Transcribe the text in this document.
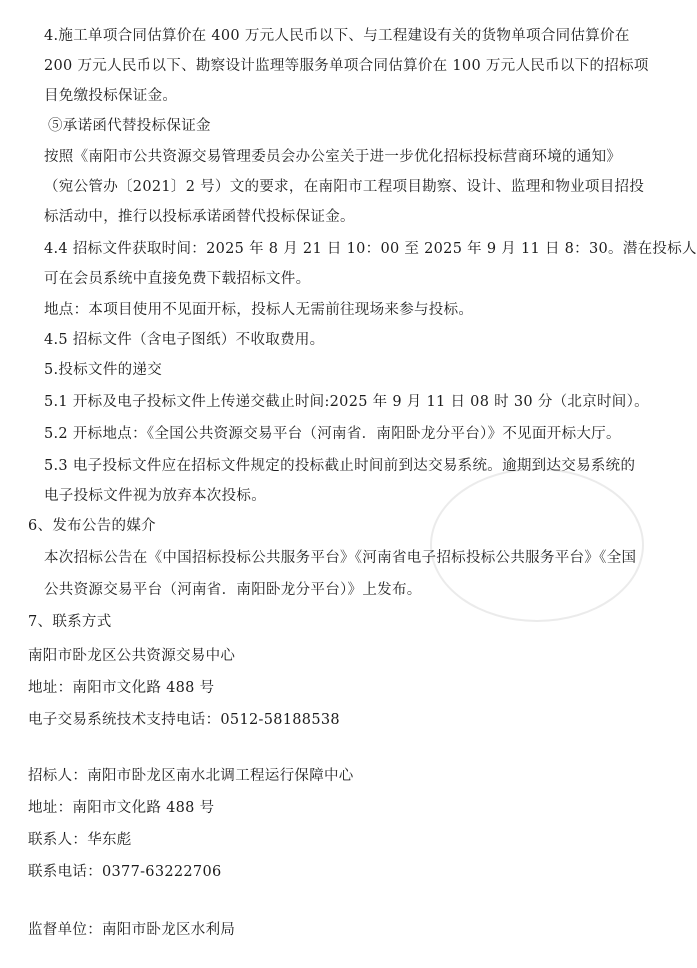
4.施工单项合同估算价在 400 万元人民币以下、与工程建设有关的货物单项合同估算价在
200 万元人民币以下、勘察设计监理等服务单项合同估算价在 100 万元人民币以下的招标项
目免缴投标保证金。
⑤承诺函代替投标保证金
按照《南阳市公共资源交易管理委员会办公室关于进一步优化招标投标营商环境的通知》
（宛公管办〔2021〕2 号）文的要求，在南阳市工程项目勘察、设计、监理和物业项目招投
标活动中，推行以投标承诺函替代投标保证金。
4.4 招标文件获取时间：2025 年 8 月 21 日 10：00 至 2025 年 9 月 11 日 8：30。潜在投标人
可在会员系统中直接免费下载招标文件。
地点：本项目使用不见面开标，投标人无需前往现场来参与投标。
4.5 招标文件（含电子图纸）不收取费用。
5.投标文件的递交
5.1 开标及电子投标文件上传递交截止时间:2025 年 9 月 11 日 08 时 30 分（北京时间）。
5.2 开标地点：《全国公共资源交易平台（河南省．南阳卧龙分平台）》不见面开标大厅。
5.3 电子投标文件应在招标文件规定的投标截止时间前到达交易系统。逾期到达交易系统的
电子投标文件视为放弃本次投标。
6、发布公告的媒介
本次招标公告在《中国招标投标公共服务平台》《河南省电子招标投标公共服务平台》《全国
公共资源交易平台（河南省．南阳卧龙分平台）》上发布。
7、联系方式
南阳市卧龙区公共资源交易中心
地址：南阳市文化路 488 号
电子交易系统技术支持电话：0512-58188538
招标人：南阳市卧龙区南水北调工程运行保障中心
地址：南阳市文化路 488 号
联系人：华东彪
联系电话：0377-63222706
监督单位：南阳市卧龙区水利局
